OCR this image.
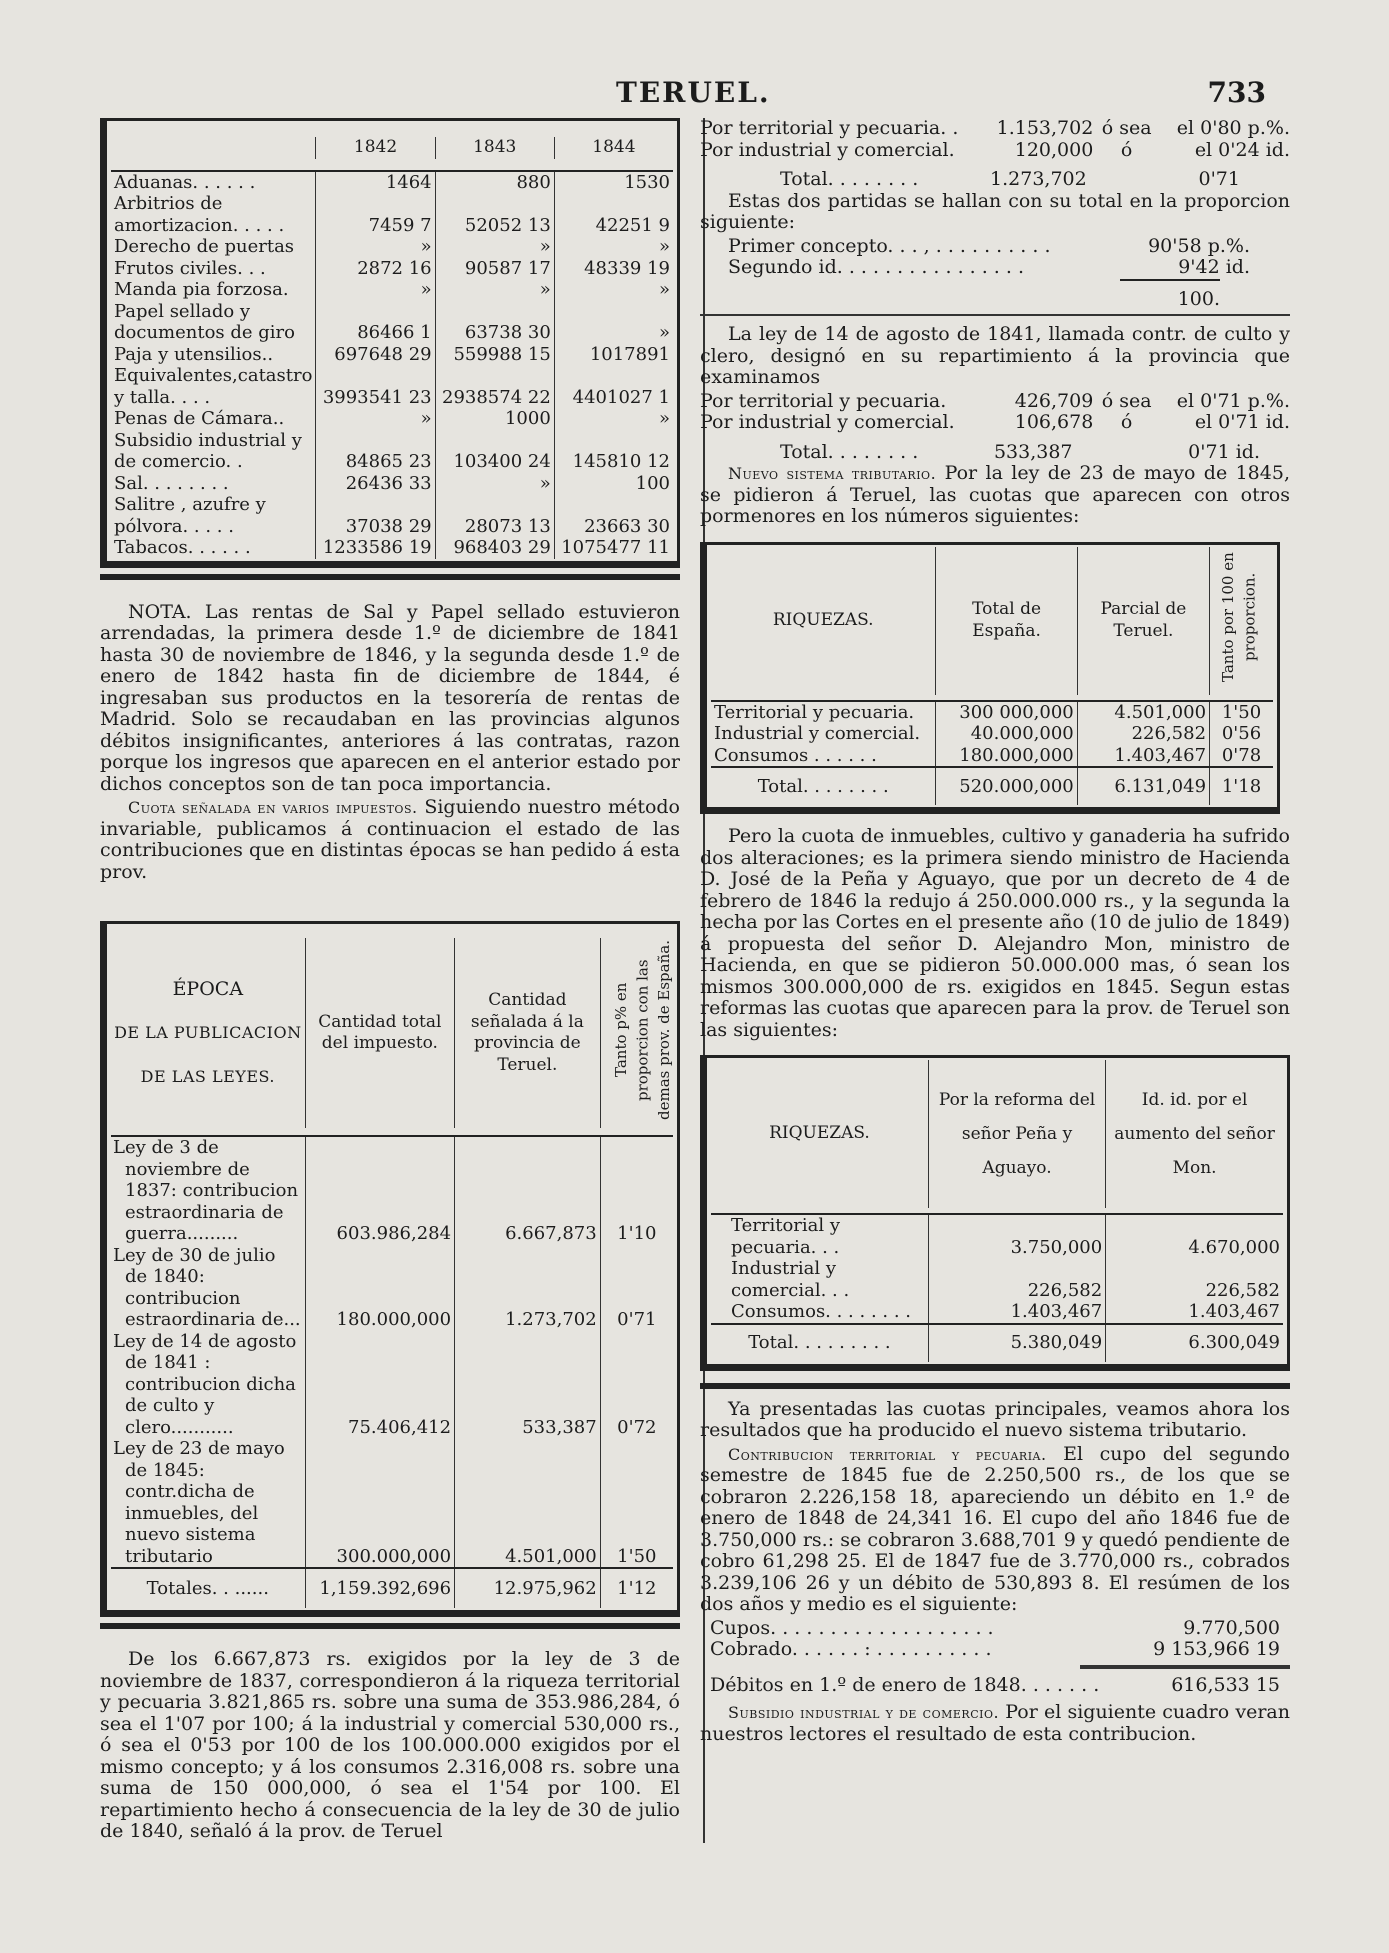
TERUEL.	733
	1842	1843	1844

Aduanas. . . . . .	1464	880	1530
Arbitrios de amortizacion. . . . .	7459 7	52052 13	42251 9
Derecho de puertas	»	»	»
Frutos civiles. . .	2872 16	90587 17	48339 19
Manda pia forzosa.	»	»	»
Papel sellado y documentos de giro	86466 1	63738 30	»
Paja y utensilios..	697648 29	559988 15	1017891
Equivalentes,catastro y talla. . . .	3993541 23	2938574 22	4401027 1
Penas de Cámara..	»	1000	»
Subsidio industrial y de comercio. .	84865 23	103400 24	145810 12
Sal. . . . . . . .	26436 33	»	100
Salitre , azufre y pólvora. . . . .	37038 29	28073 13	23663 30
Tabacos. . . . . .	1233586 19	968403 29	1075477 11

NOTA. Las rentas de Sal y Papel sellado estuvieron arrendadas, la primera desde 1.º de diciembre de 1841 hasta 30 de noviembre de 1846, y la segunda desde 1.º de enero de 1842 hasta fin de diciembre de 1844, é ingresaban sus productos en la tesorería de rentas de Madrid. Solo se recaudaban en las provincias algunos débitos insignificantes, anteriores á las contratas, razon porque los ingresos que aparecen en el anterior estado por dichos conceptos son de tan poca importancia.

Cuota señalada en varios impuestos. Siguiendo nuestro método invariable, publicamos á continuacion el estado de las contribuciones que en distintas épocas se han pedido á esta prov.

ÉPOCA
DE LA PUBLICACION
DE LAS LEYES.	Cantidad total del impuesto.	Cantidad señalada á la provincia de Teruel.	Tanto p% en proporcion con las demas prov. de España.

Ley de 3 de noviembre de 1837: contribucion estraordinaria de guerra.........	603.986,284	6.667,873	1'10
Ley de 30 de julio de 1840: contribucion estraordinaria de...	180.000,000	1.273,702	0'71
Ley de 14 de agosto de 1841 : contribucion dicha de culto y clero...........	75.406,412	533,387	0'72
Ley de 23 de mayo de 1845: contr.dicha de inmuebles, del nuevo sistema tributario	300.000,000	4.501,000	1'50
Totales. . ......	1,159.392,696	12.975,962	1'12

De los 6.667,873 rs. exigidos por la ley de 3 de noviembre de 1837, correspondieron á la riqueza territorial y pecuaria 3.821,865 rs. sobre una suma de 353.986,284, ó sea el 1'07 por 100; á la industrial y comercial 530,000 rs., ó sea el 0'53 por 100 de los 100.000.000 exigidos por el mismo concepto; y á los consumos 2.316,008 rs. sobre una suma de 150 000,000, ó sea el 1'54 por 100. El repartimiento hecho á consecuencia de la ley de 30 de julio de 1840, señaló á la prov. de Teruel

Por territorial y pecuaria. .	1.153,702 ó sea	el 0'80 p.%.
Por industrial y comercial.	120,000	ó	el 0'24 id.
Total. . . . . . . .	1.273,702	0'71

Estas dos partidas se hallan con su total en la proporcion siguiente:

Primer concepto. . . , . . . . . . . . . .	90'58 p.%.
Segundo id. . . . . . . . . . . . . . . .	9'42 id.
100.

La ley de 14 de agosto de 1841, llamada contr. de culto y clero, designó en su repartimiento á la provincia que examinamos

Por territorial y pecuaria.	426,709 ó sea	el 0'71 p.%.
Por industrial y comercial.	106,678	ó	el 0'71 id.
Total. . . . . . . .	533,387	0'71 id.

Nuevo sistema tributario. Por la ley de 23 de mayo de 1845, se pidieron á Teruel, las cuotas que aparecen con otros pormenores en los números siguientes:

RIQUEZAS.	Total de España.	Parcial de Teruel.	Tanto por 100 en proporcion.

Territorial y pecuaria.	300 000,000	4.501,000	1'50
Industrial y comercial.	40.000,000	226,582	0'56
Consumos . . . . . .	180.000,000	1.403,467	0'78
Total. . . . . . . .	520.000,000	6.131,049	1'18

Pero la cuota de inmuebles, cultivo y ganaderia ha sufrido dos alteraciones; es la primera siendo ministro de Hacienda D. José de la Peña y Aguayo, que por un decreto de 4 de febrero de 1846 la redujo á 250.000.000 rs., y la segunda la hecha por las Cortes en el presente año (10 de julio de 1849) á propuesta del señor D. Alejandro Mon, ministro de Hacienda, en que se pidieron 50.000.000 mas, ó sean los mismos 300.000,000 de rs. exigidos en 1845. Segun estas reformas las cuotas que aparecen para la prov. de Teruel son las siguientes:

RIQUEZAS.	Por la reforma del señor Peña y Aguayo.	Id. id. por el aumento del señor Mon.

Territorial y pecuaria. . .	3.750,000	4.670,000
Industrial y comercial. . .	226,582	226,582
Consumos. . . . . . . .	1.403,467	1.403,467
Total. . . . . . . . .	5.380,049	6.300,049

Ya presentadas las cuotas principales, veamos ahora los resultados que ha producido el nuevo sistema tributario.

Contribucion territorial y pecuaria. El cupo del segundo semestre de 1845 fue de 2.250,500 rs., de los que se cobraron 2.226,158 18, apareciendo un débito en 1.º de enero de 1848 de 24,341 16. El cupo del año 1846 fue de 3.750,000 rs.: se cobraron 3.688,701 9 y quedó pendiente de cobro 61,298 25. El de 1847 fue de 3.770,000 rs., cobrados 3.239,106 26 y un débito de 530,893 8. El resúmen de los dos años y medio es el siguiente:

Cupos. . . . . . . . . . . . . . . . . . .	9.770,500
Cobrado. . . . . . : . . . . . . . . . .	9 153,966 19
Débitos en 1.º de enero de 1848. . . . . . .	616,533 15

Subsidio industrial y de comercio. Por el siguiente cuadro veran nuestros lectores el resultado de esta contribucion.
